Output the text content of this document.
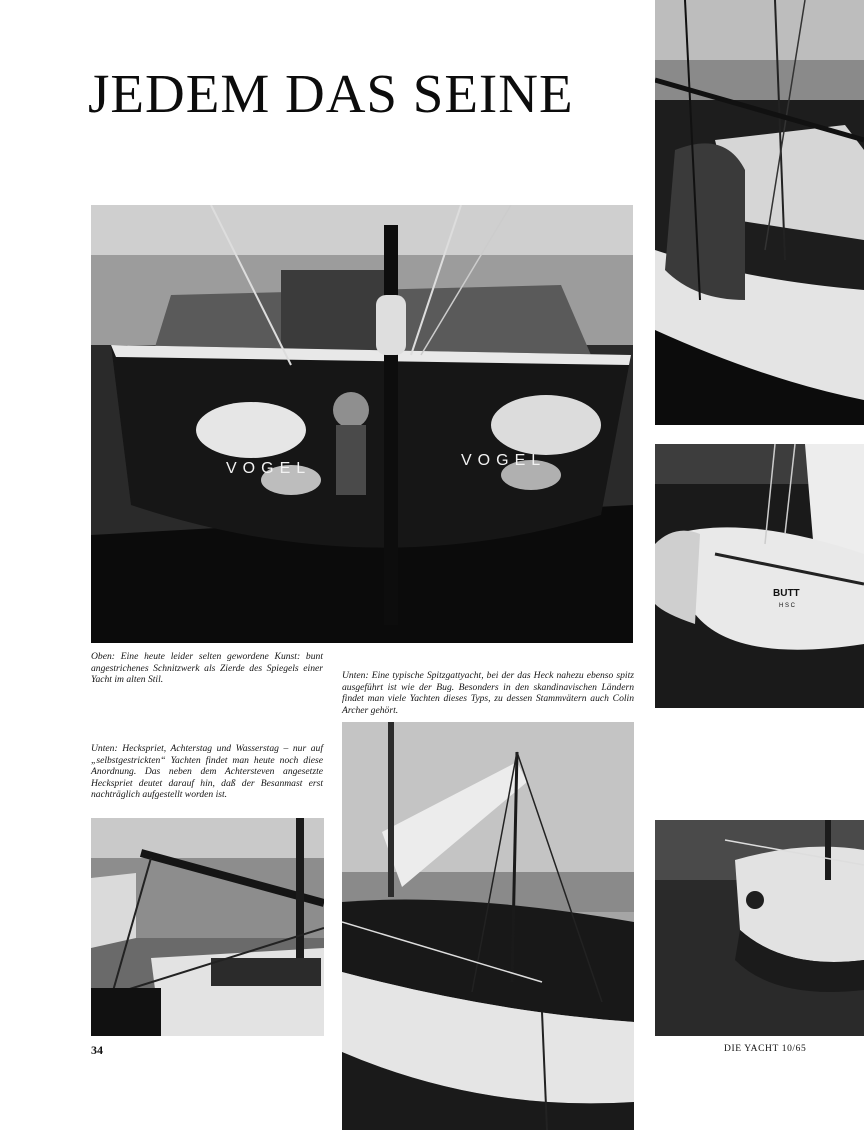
JEDEM DAS SEINE
VOGEL	VOGEL
Oben: Eine heute leider selten gewordene Kunst: bunt angestrichenes Schnitzwerk als Zierde des Spiegels einer Yacht im alten Stil.	Unten: Eine typische Spitzgattyacht, bei der das Heck nahezu ebenso spitz ausgeführt ist wie der Bug. Besonders in den skandinavischen Ländern findet man viele Yachten dieses Typs, zu dessen Stammvätern auch Colin Archer gehört.
BUTT
H S C
Unten: Heckspriet, Achterstag und Wasserstag – nur auf „selbstgestrickten“ Yachten findet man heute noch diese Anordnung. Das neben dem Achtersteven angesetzte Heckspriet deutet darauf hin, daß der Besanmast erst nachträglich aufgestellt worden ist.
34	DIE YACHT 10/65
